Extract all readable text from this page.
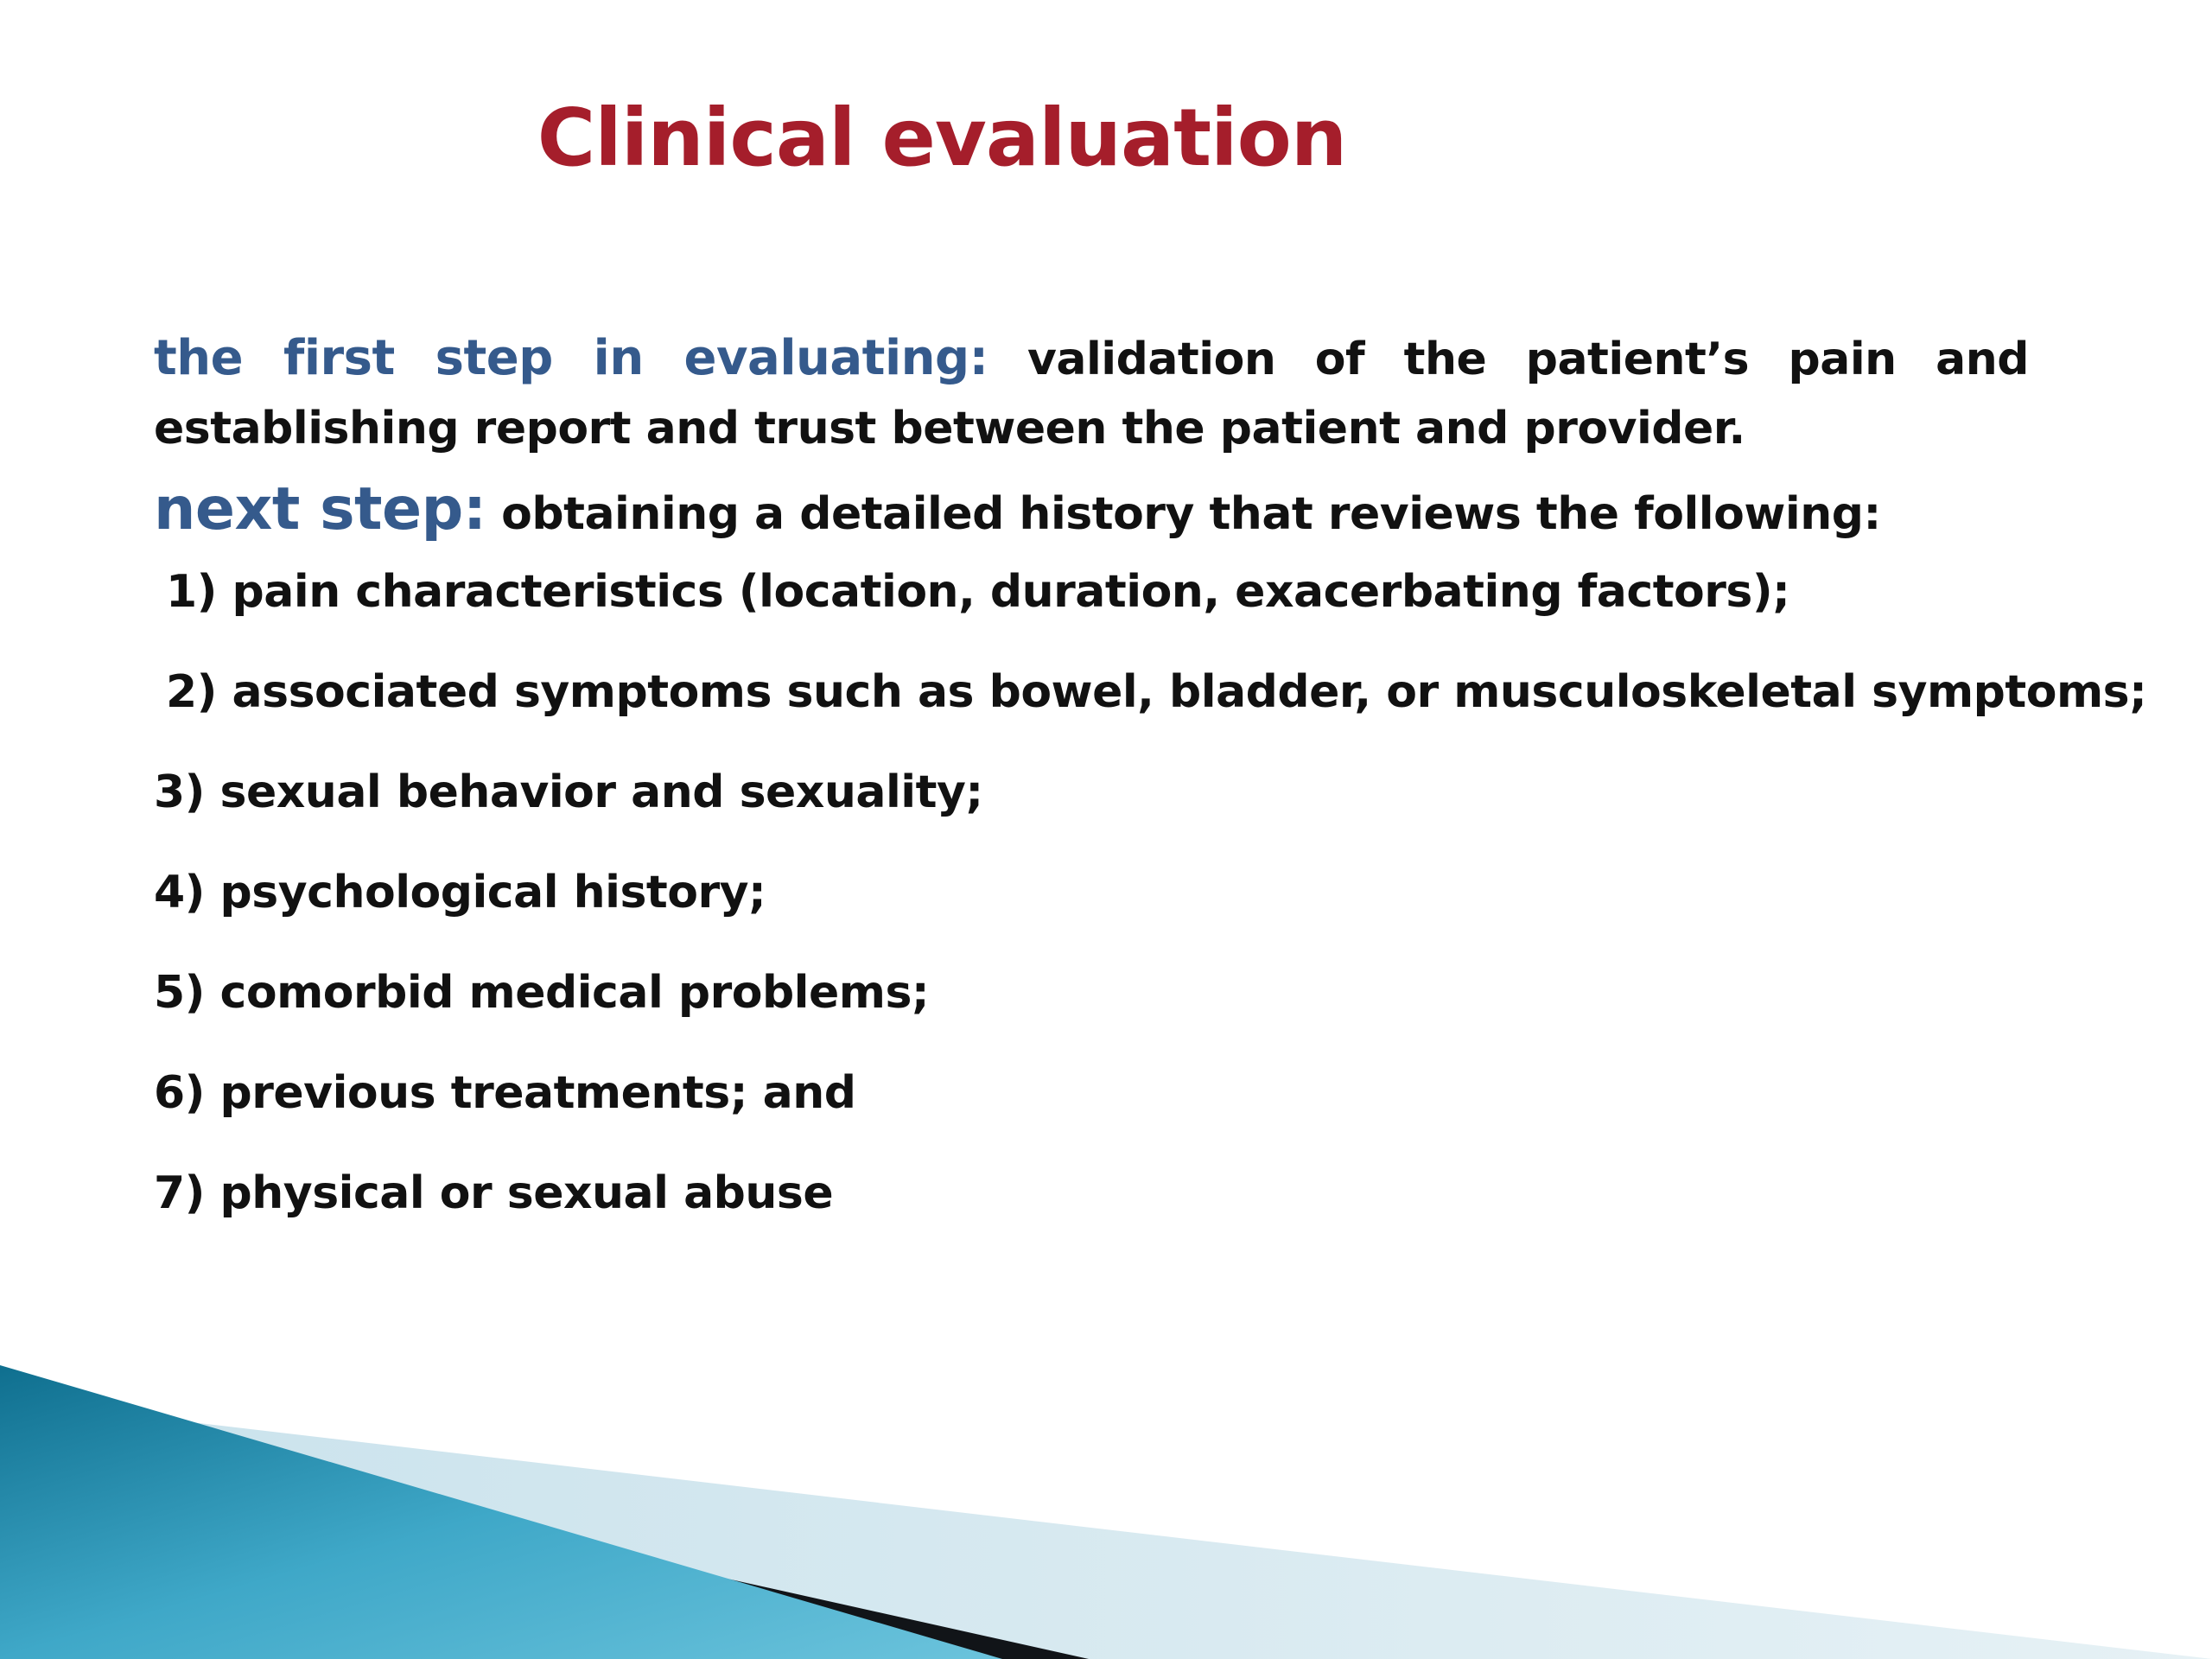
Clinical evaluation

the first step in evaluating: validation of the patient’s pain and establishing report and trust between the patient and provider.

next step: obtaining a detailed history that reviews the following:

1) pain characteristics (location, duration, exacerbating factors);
2) associated symptoms such as bowel, bladder, or musculoskeletal symptoms;
3) sexual behavior and sexuality;
4) psychological history;
5) comorbid medical problems;
6) previous treatments; and
7) physical or sexual abuse
